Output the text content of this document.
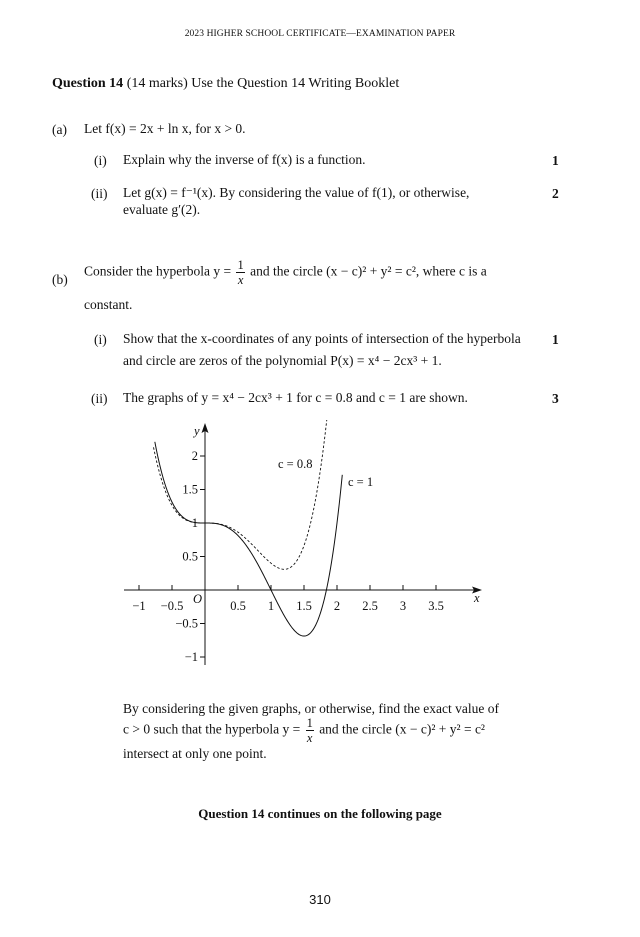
2023 HIGHER SCHOOL CERTIFICATE—EXAMINATION PAPER
Question 14 (14 marks) Use the Question 14 Writing Booklet
(a) Let f(x) = 2x + ln x, for x > 0.
(i) Explain why the inverse of f(x) is a function.	1
(ii) Let g(x) = f⁻¹(x). By considering the value of f(1), or otherwise,
evaluate g′(2).
2
(b)
Consider the hyperbola $y = \frac{1}{x}$ and the circle (x − c)² + y² = c², where c is a
constant.
(i) Show that the x-coordinates of any points of intersection of the hyperbola
and circle are zeros of the polynomial P(x) = x⁴ − 2cx³ + 1.
1
(ii) The graphs of y = x⁴ − 2cx³ + 1 for c = 0.8 and c = 1 are shown.	3
−1 −0.5	0.5 1 1.5 2 2.5 3 3.5
2
1.5
1
0.5
−0.5
−1
x
y
O
c = 0.8
c = 1
By considering the given graphs, or otherwise, find the exact value of
c > 0 such that the hyperbola $y = \frac{1}{x}$ and the circle (x − c)² + y² = c²
intersect at only one point.
Question 14 continues on the following page
310
